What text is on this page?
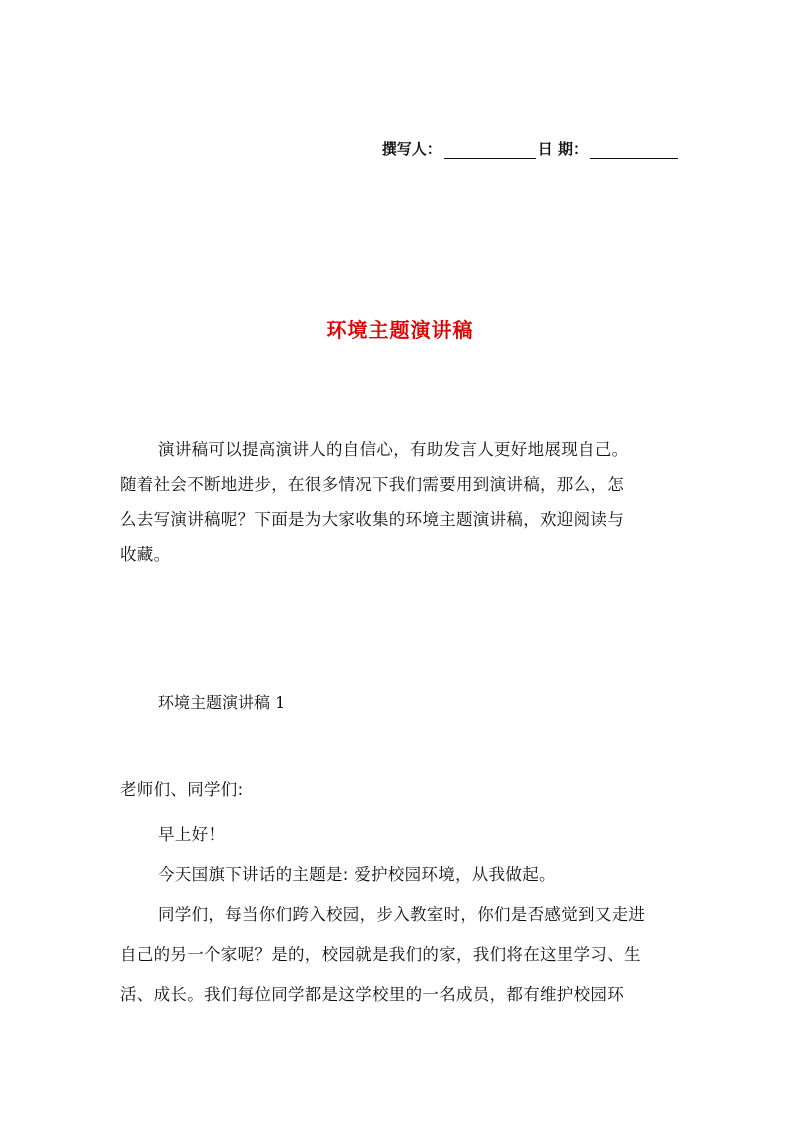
撰写人：	日 期：
环境主题演讲稿
演讲稿可以提高演讲人的自信心，有助发言人更好地展现自己。
随着社会不断地进步，在很多情况下我们需要用到演讲稿，那么，怎
么去写演讲稿呢？下面是为大家收集的环境主题演讲稿，欢迎阅读与
收藏。
环境主题演讲稿 1
老师们、同学们:
早上好！
今天国旗下讲话的主题是: 爱护校园环境，从我做起。
同学们，每当你们跨入校园，步入教室时，你们是否感觉到又走进
自己的另一个家呢？是的，校园就是我们的家，我们将在这里学习、生
活、成长。我们每位同学都是这学校里的一名成员，都有维护校园环
